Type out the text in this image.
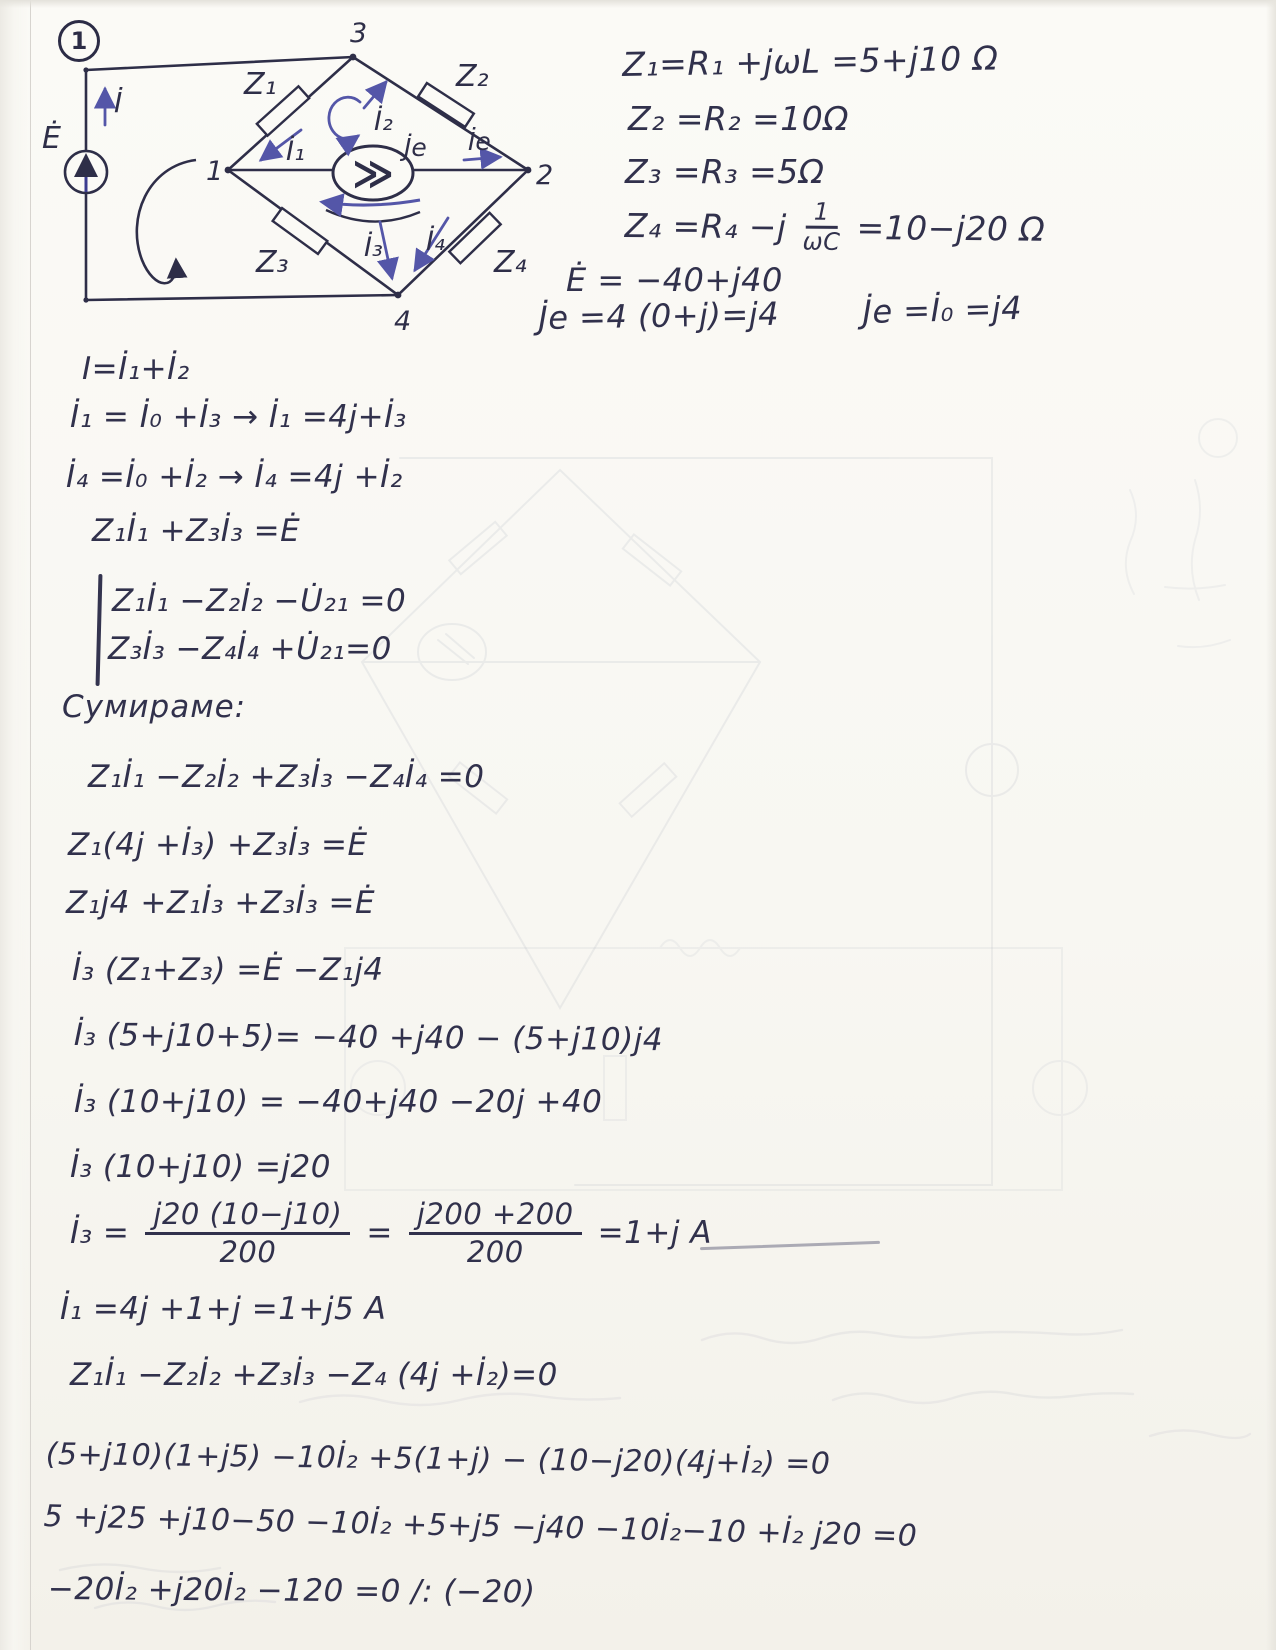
1
≫
Ė
İ
Z₁	Z₂
Z₃	Z₄
İ₁
İ₂
İ₃ İ₄
J̇e İe
1	2
3
4
Z₁=R₁ +jωL =5+j10 Ω
Z₂ =R₂ =10Ω
Z₃ =R₃ =5Ω
$Z_4 =R_4 -j \frac{1}{\omega C} =10-j20$ Ω
Ė = −40+j40
J̇e =4 (0+j)=j4	J̇e =İ₀ =j4
I=İ₁+İ₂
İ₁ = İ₀ +İ₃ → İ₁ =4j+İ₃
İ₄ =İ₀ +İ₂ → İ₄ =4j +İ₂
Z₁İ₁ +Z₃İ₃ =Ė
Z₁İ₁ −Z₂İ₂ −U̇₂₁ =0
Z₃İ₃ −Z₄İ₄ +U̇₂₁=0
Сумираме:
Z₁İ₁ −Z₂İ₂ +Z₃İ₃ −Z₄İ₄ =0
Z₁(4j +İ₃) +Z₃İ₃ =Ė
Z₁j4 +Z₁İ₃ +Z₃İ₃ =Ė
İ₃ (Z₁+Z₃) =Ė −Z₁j4
İ₃ (5+j10+5)= −40 +j40 − (5+j10)j4
İ₃ (10+j10) = −40+j40 −20j +40
İ₃ (10+j10) =j20
İ₃ = $\frac{j20 (10-j10)}{200} = \frac{j200 +200}{200} =1+j$ A
İ₁ =4j +1+j =1+j5 A
Z₁İ₁ −Z₂İ₂ +Z₃İ₃ −Z₄ (4j +İ₂)=0
(5+j10)(1+j5) −10İ₂ +5(1+j) − (10−j20)(4j+İ₂) =0
5 +j25 +j10−50 −10İ₂ +5+j5 −j40 −10İ₂−10 +İ₂ j20 =0
−20İ₂ +j20İ₂ −120 =0 /: (−20)
